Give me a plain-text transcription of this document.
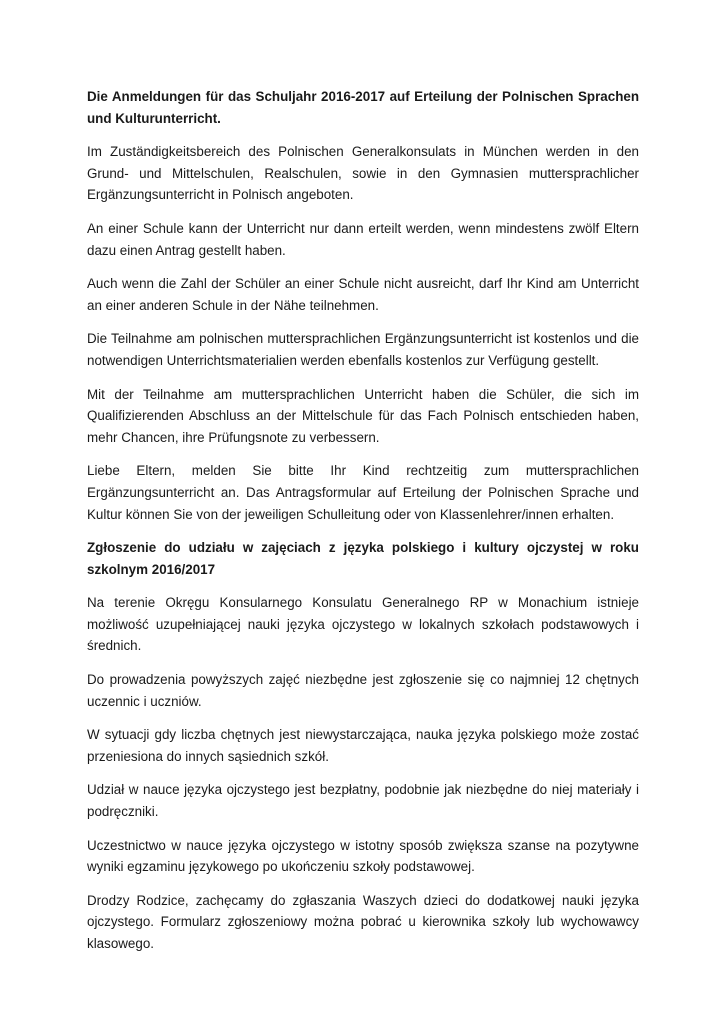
Die Anmeldungen für das Schuljahr 2016-2017 auf Erteilung der Polnischen Sprachen und Kulturunterricht.

Im Zuständigkeitsbereich des Polnischen Generalkonsulats in München werden in den Grund- und Mittelschulen, Realschulen, sowie in den Gymnasien muttersprachlicher Ergänzungsunterricht in Polnisch angeboten.

An einer Schule kann der Unterricht nur dann erteilt werden, wenn mindestens zwölf Eltern dazu einen Antrag gestellt haben.

Auch wenn die Zahl der Schüler an einer Schule nicht ausreicht, darf Ihr Kind am Unterricht an einer anderen Schule in der Nähe teilnehmen.

Die Teilnahme am polnischen muttersprachlichen Ergänzungsunterricht ist kostenlos und die notwendigen Unterrichtsmaterialien werden ebenfalls kostenlos zur Verfügung gestellt.

Mit der Teilnahme am muttersprachlichen Unterricht haben die Schüler, die sich im Qualifizierenden Abschluss an der Mittelschule für das Fach Polnisch entschieden haben, mehr Chancen, ihre Prüfungsnote zu verbessern.

Liebe Eltern, melden Sie bitte Ihr Kind rechtzeitig zum muttersprachlichen Ergänzungsunterricht an. Das Antragsformular auf Erteilung der Polnischen Sprache und Kultur können Sie von der jeweiligen Schulleitung oder von Klassenlehrer/innen erhalten.

Zgłoszenie do udziału w zajęciach z języka polskiego i kultury ojczystej w roku szkolnym 2016/2017

Na terenie Okręgu Konsularnego Konsulatu Generalnego RP w Monachium istnieje możliwość uzupełniającej nauki języka ojczystego w lokalnych szkołach podstawowych i średnich.

Do prowadzenia powyższych zajęć niezbędne jest zgłoszenie się co najmniej 12 chętnych uczennic i uczniów.

W sytuacji gdy liczba chętnych jest niewystarczająca, nauka języka polskiego może zostać przeniesiona do innych sąsiednich szkół.

Udział w nauce języka ojczystego jest bezpłatny, podobnie jak niezbędne do niej materiały i podręczniki.

Uczestnictwo w nauce języka ojczystego w istotny sposób zwiększa szanse na pozytywne wyniki egzaminu językowego po ukończeniu szkoły podstawowej.

Drodzy Rodzice, zachęcamy do zgłaszania Waszych dzieci do dodatkowej nauki języka ojczystego. Formularz zgłoszeniowy można pobrać u kierownika szkoły lub wychowawcy klasowego.
